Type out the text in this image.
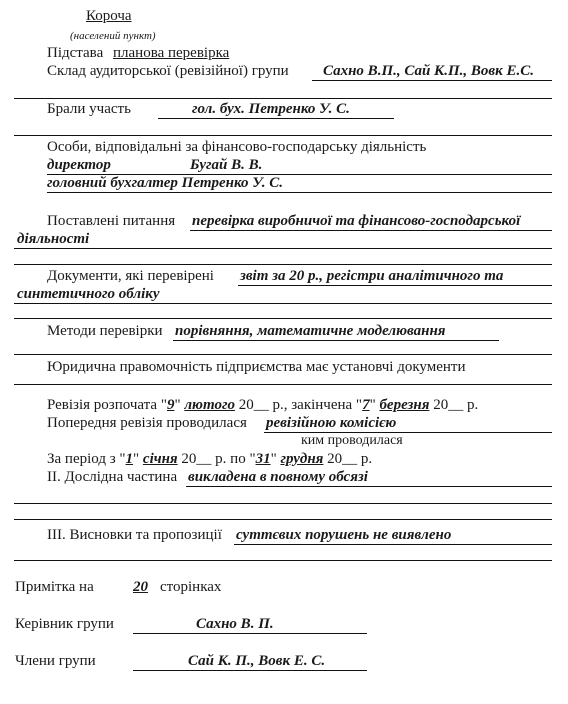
Короча
(населений пункт)
Підстава планова перевірка
Склад аудиторської (ревізійної) групи Сахно В.П., Сай К.П., Вовк Е.С.
Брали участь	гол. бух. Петренко У. С.
Особи, відповідальні за фінансово-господарську діяльність
директор	Бугай В. В.
головний бухгалтер Петренко У. С.
Поставлені питання перевірка виробничої та фінансово-господарської
діяльності
Документи, які перевірені звіт за 20 р., регістри аналітичного та
синтетичного обліку
Методи перевірки порівняння, математичне моделювання
Юридична правомочність підприємства має установчі документи
Ревізія розпочата "9" лютого 20__ р., закінчена "7" березня 20__ р.
Попередня ревізія проводилася ревізійною комісією
ким проводилася
За період з "1" січня 20__ р. по "31" грудня 20__ р.
II. Дослідна частина викладена в повному обсязі
III. Висновки та пропозиції суттєвих порушень не виявлено
Примітка на	20 сторінках
Керівник групи	Сахно В. П.
Члени групи	Сай К. П., Вовк Е. С.
